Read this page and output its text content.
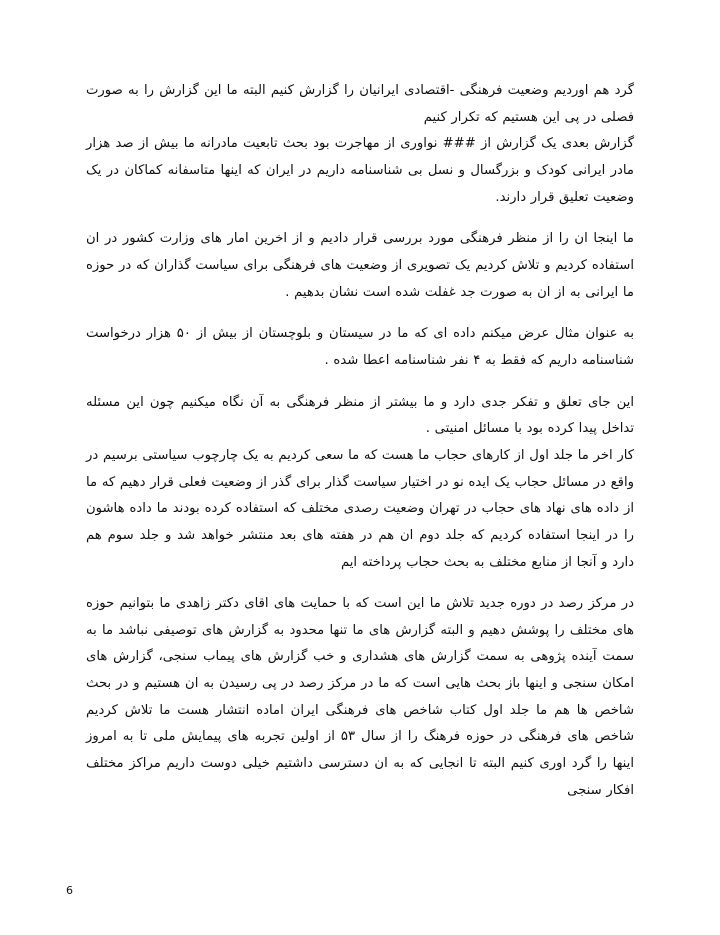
گرد هم اوردیم وضعیت فرهنگی -اقتصادی ایرانیان را گزارش کنیم البته ما این گزارش را به صورت فصلی در پی این هستیم که تکرار کنیم

گزارش بعدی یک گزارش از ### نواوری از مهاجرت بود بحث تابعیت مادرانه ما بیش از صد هزار مادر ایرانی کودک و بزرگسال و نسل بی شناسنامه داریم در ایران که اینها متاسفانه کماکان در یک وضعیت تعلیق قرار دارند.

ما اینجا ان را از منظر فرهنگی مورد بررسی قرار دادیم و از اخرین امار های وزارت کشور در ان استفاده کردیم و تلاش کردیم یک تصویری از وضعیت های فرهنگی برای سیاست گذاران که در حوزه ما ایرانی به از ان به صورت جد غفلت شده است نشان بدهیم .

به عنوان مثال عرض میکنم داده ای که ما در سیستان و بلوچستان از بیش از ۵۰ هزار درخواست شناسنامه داریم که فقط به ۴ نفر شناسنامه اعطا شده .

این جای تعلق و تفکر جدی دارد و ما بیشتر از منظر فرهنگی به آن نگاه میکنیم چون این مسئله تداخل پیدا کرده بود با مسائل امنیتی .

کار اخر ما جلد اول از کارهای حجاب ما هست که ما سعی کردیم به یک چارچوب سیاستی برسیم در واقع در مسائل حجاب یک ایده نو در اختیار سیاست گذار برای گذر از وضعیت فعلی قرار دهیم که ما از داده های نهاد های حجاب در تهران وضعیت رصدی مختلف که استفاده کرده بودند ما داده هاشون را در اینجا استفاده کردیم که جلد دوم ان هم در هفته های بعد منتشر خواهد شد و جلد سوم هم دارد و آنجا از منابع مختلف به بحث حجاب پرداخته ایم

در مرکز رصد در دوره جدید تلاش ما این است که با حمایت های اقای دکتر زاهدی ما بتوانیم حوزه های مختلف را پوشش دهیم و البته گزارش های ما تنها محدود به گزارش های توصیفی نباشد ما به سمت آینده پژوهی به سمت گزارش های هشداری و خب گزارش های پیماب سنجی، گزارش های امکان سنجی و اینها باز بحث هایی است که ما در مرکز رصد در پی رسیدن به ان هستیم و در بحث شاخص ها هم ما جلد اول کتاب شاخص های فرهنگی ایران اماده انتشار هست ما تلاش کردیم شاخص های فرهنگی در حوزه فرهنگ را از سال ۵۳ از اولین تجربه های پیمایش ملی تا به امروز اینها را گرد اوری کنیم البته تا انجایی که به ان دسترسی داشتیم خیلی دوست داریم مراکز مختلف افکار سنجی

6
